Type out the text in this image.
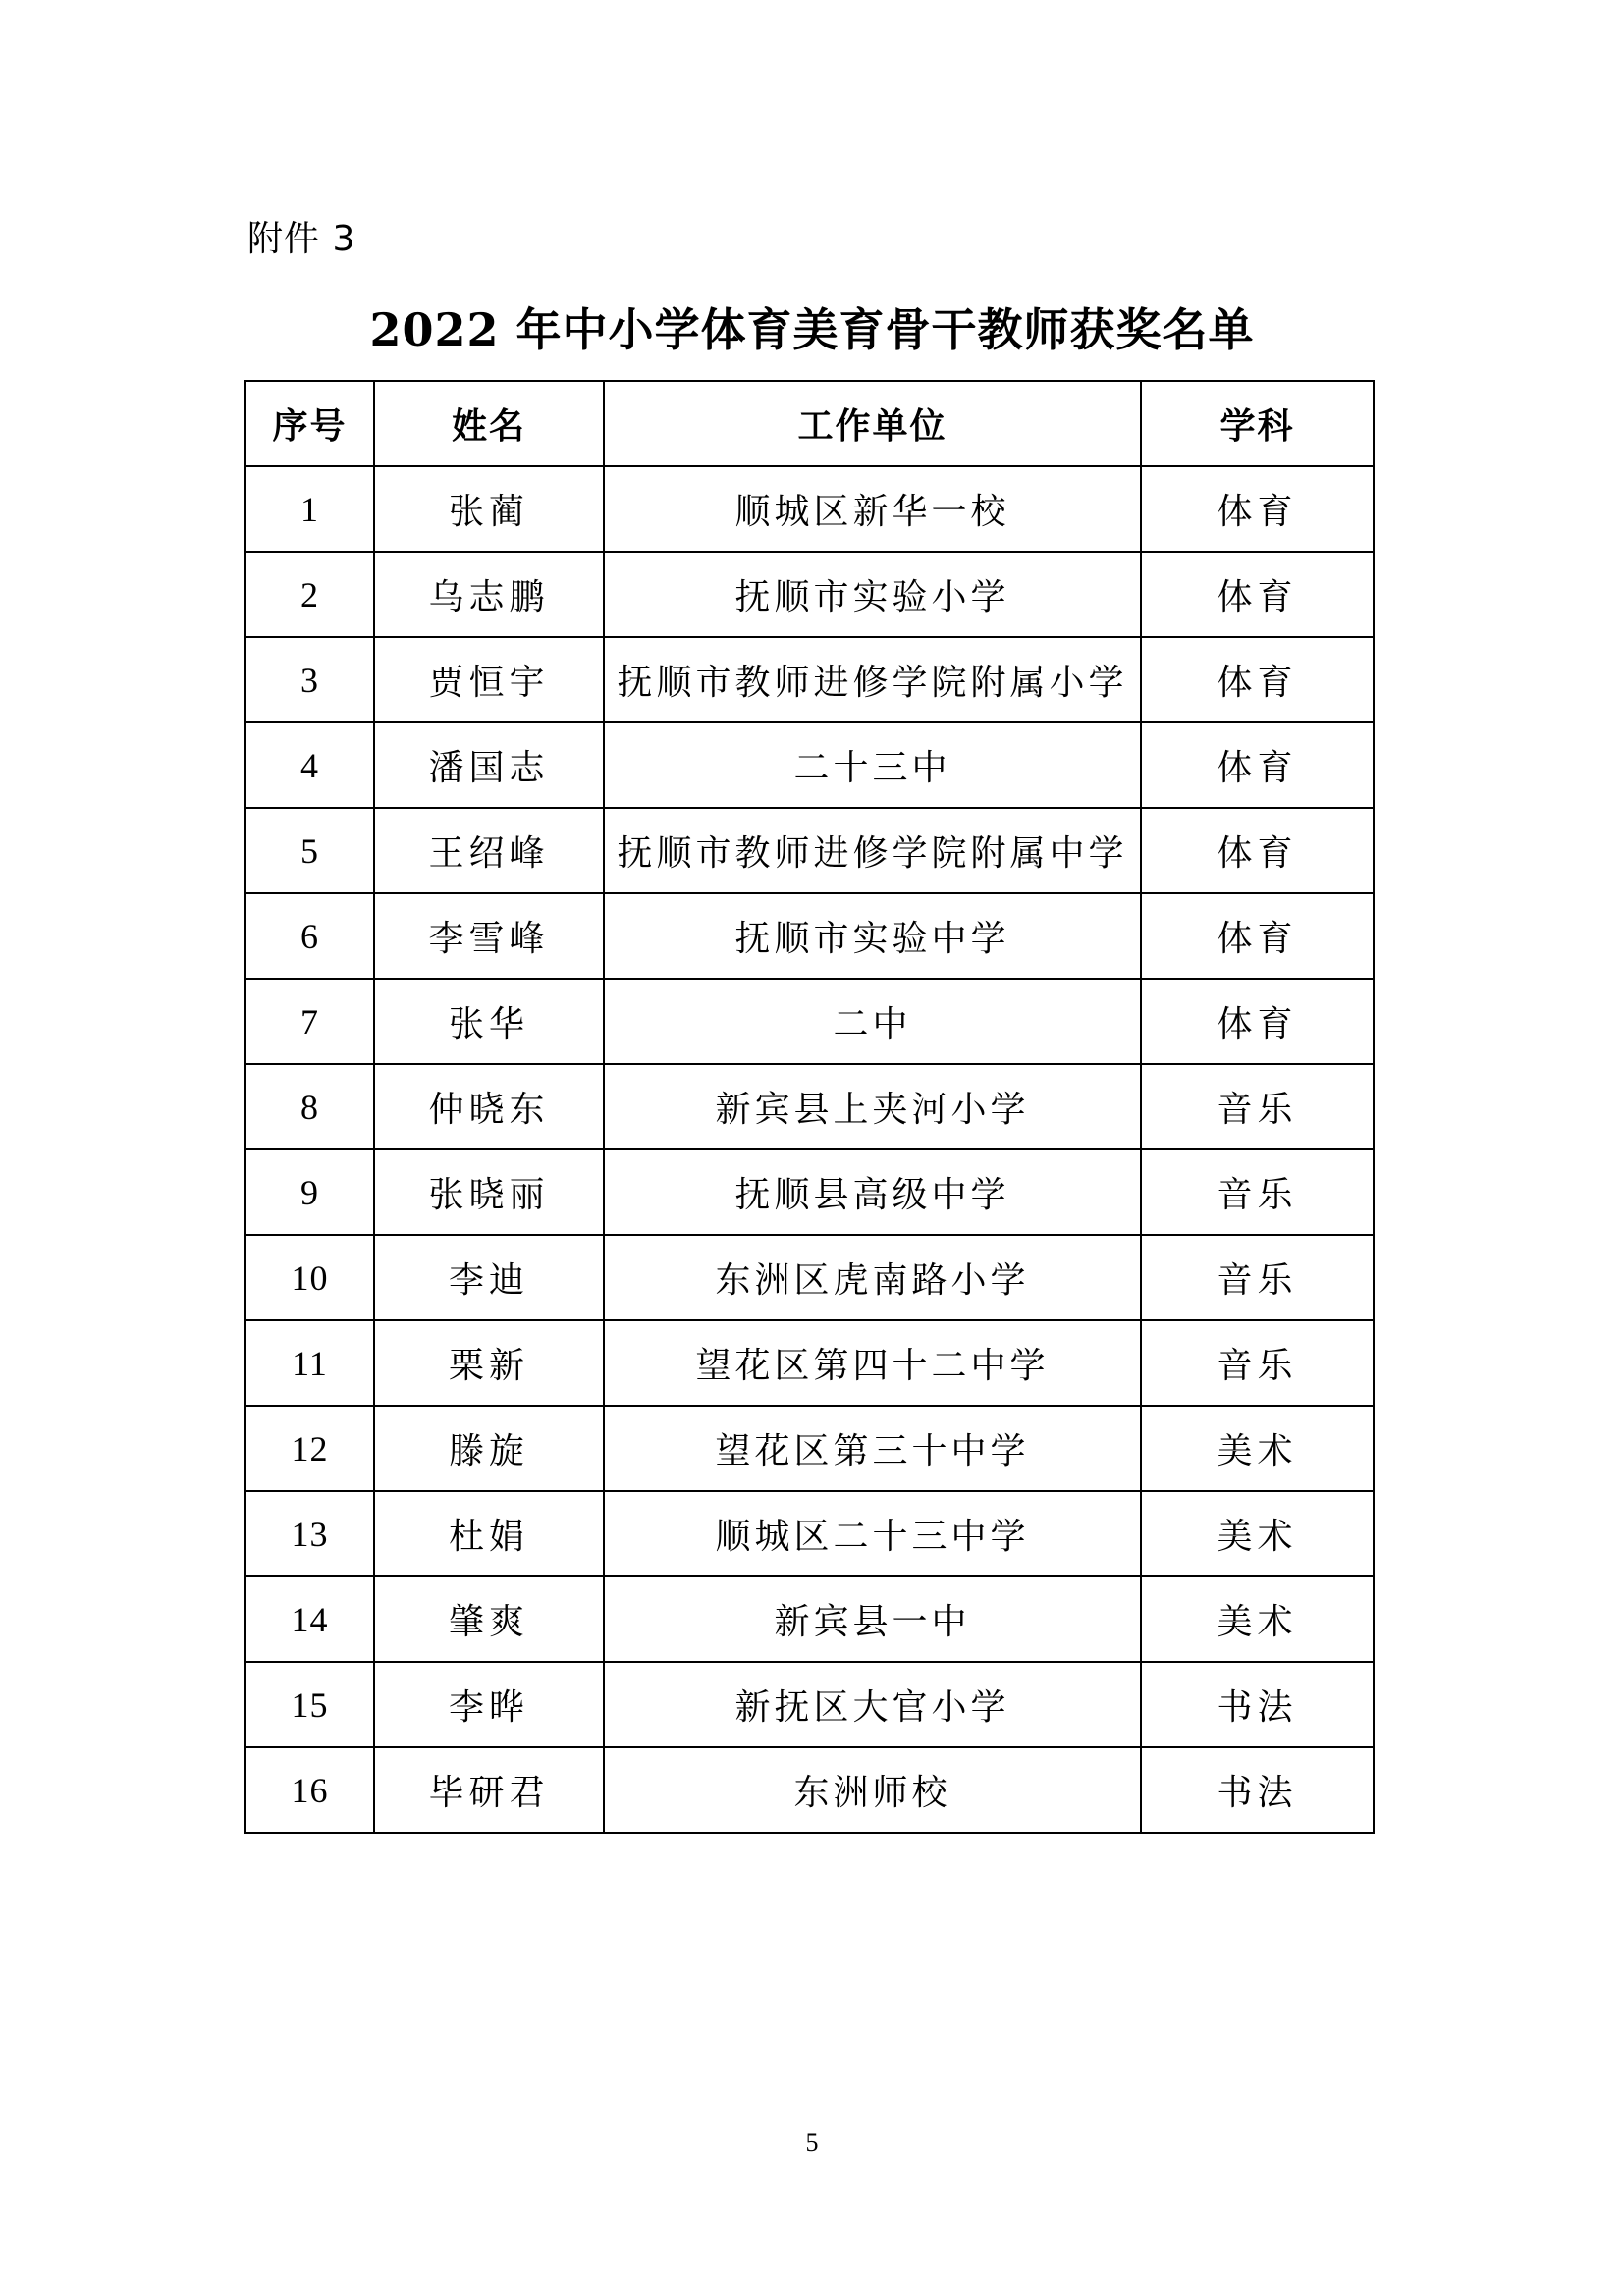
附件 3
2022 年中小学体育美育骨干教师获奖名单
序号	姓名	工作单位	学科
1	张蔺	顺城区新华一校	体育
2	乌志鹏	抚顺市实验小学	体育
3	贾恒宇	抚顺市教师进修学院附属小学	体育
4	潘国志	二十三中	体育
5	王绍峰	抚顺市教师进修学院附属中学	体育
6	李雪峰	抚顺市实验中学	体育
7	张华	二中	体育
8	仲晓东	新宾县上夹河小学	音乐
9	张晓丽	抚顺县高级中学	音乐
10	李迪	东洲区虎南路小学	音乐
11	栗新	望花区第四十二中学	音乐
12	滕旋	望花区第三十中学	美术
13	杜娟	顺城区二十三中学	美术
14	肇爽	新宾县一中	美术
15	李晔	新抚区大官小学	书法
16	毕研君	东洲师校	书法
5
